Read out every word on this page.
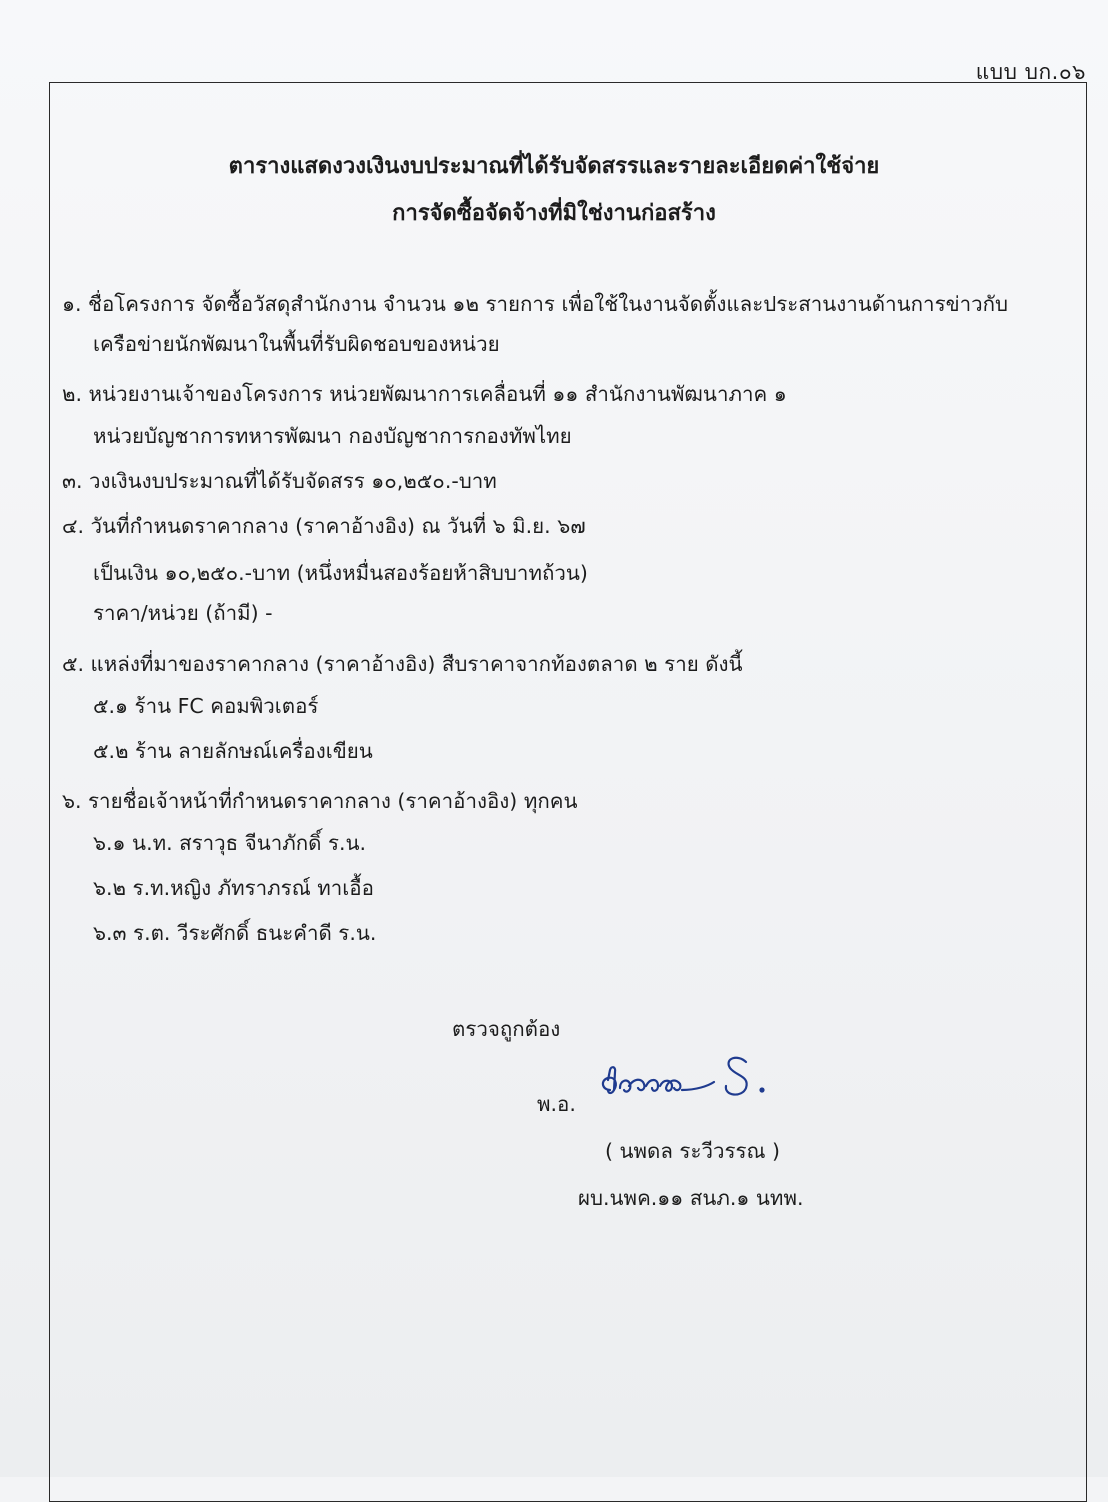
แบบ บก.๐๖
ตารางแสดงวงเงินงบประมาณที่ได้รับจัดสรรและรายละเอียดค่าใช้จ่าย
การจัดซื้อจัดจ้างที่มิใช่งานก่อสร้าง
๑. ชื่อโครงการ จัดซื้อวัสดุสำนักงาน จำนวน ๑๒ รายการ เพื่อใช้ในงานจัดตั้งและประสานงานด้านการข่าวกับ
เครือข่ายนักพัฒนาในพื้นที่รับผิดชอบของหน่วย
๒. หน่วยงานเจ้าของโครงการ หน่วยพัฒนาการเคลื่อนที่ ๑๑ สำนักงานพัฒนาภาค ๑
หน่วยบัญชาการทหารพัฒนา กองบัญชาการกองทัพไทย
๓. วงเงินงบประมาณที่ได้รับจัดสรร ๑๐,๒๕๐.-บาท
๔. วันที่กำหนดราคากลาง (ราคาอ้างอิง) ณ วันที่ ๖ มิ.ย. ๖๗
เป็นเงิน ๑๐,๒๕๐.-บาท (หนึ่งหมื่นสองร้อยห้าสิบบาทถ้วน)
ราคา/หน่วย (ถ้ามี) -
๕. แหล่งที่มาของราคากลาง (ราคาอ้างอิง) สืบราคาจากท้องตลาด ๒ ราย ดังนี้
๕.๑ ร้าน FC คอมพิวเตอร์
๕.๒ ร้าน ลายลักษณ์เครื่องเขียน
๖. รายชื่อเจ้าหน้าที่กำหนดราคากลาง (ราคาอ้างอิง) ทุกคน
๖.๑ น.ท. สราวุธ จีนาภักดิ์ ร.น.
๖.๒ ร.ท.หญิง ภัทราภรณ์ ทาเอื้อ
๖.๓ ร.ต. วีระศักดิ์ ธนะคำดี ร.น.
ตรวจถูกต้อง
พ.อ.
( นพดล ระวีวรรณ )
ผบ.นพค.๑๑ สนภ.๑ นทพ.
